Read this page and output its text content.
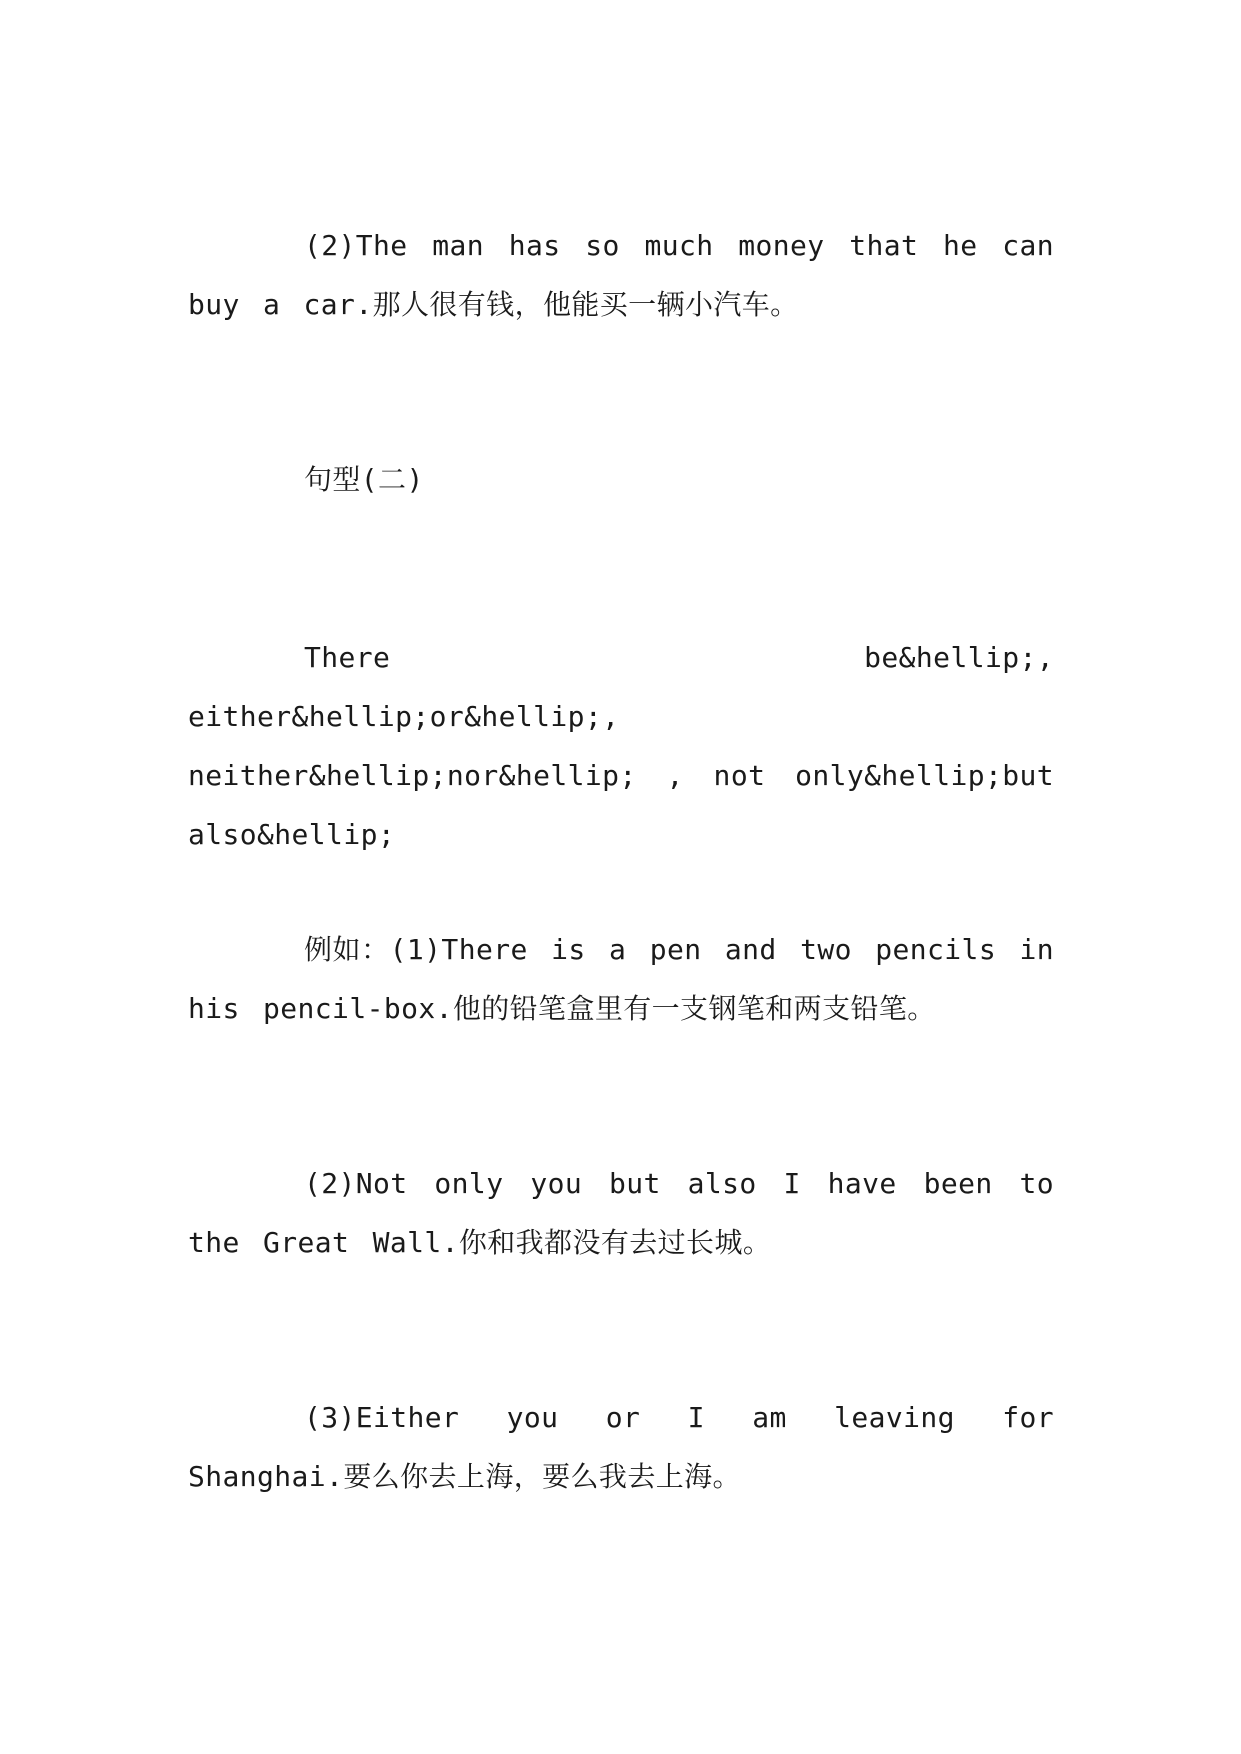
(2)The man has so much money that he can buy a car.那人很有钱，他能买一辆小汽车。

句型(二)

There be&hellip;, either&hellip;or&hellip;, neither&hellip;nor&hellip; , not only&hellip;but also&hellip;

例如：(1)There is a pen and two pencils in his pencil-box.他的铅笔盒里有一支钢笔和两支铅笔。

(2)Not only you but also I have been to the Great Wall.你和我都没有去过长城。

(3)Either you or I am leaving for Shanghai.要么你去上海，要么我去上海。
